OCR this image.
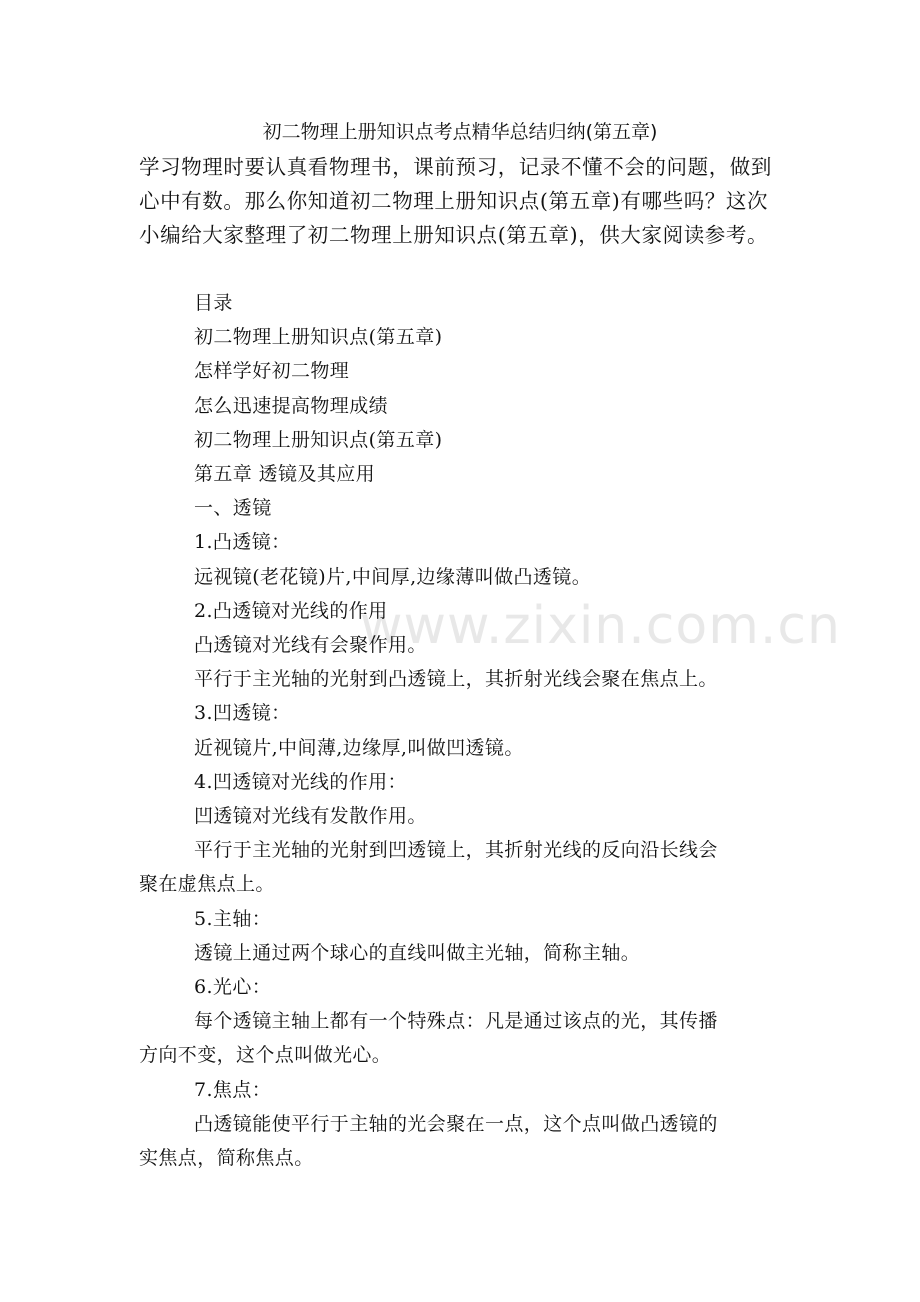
www.zixin.com.cn
初二物理上册知识点考点精华总结归纳(第五章)

学习物理时要认真看物理书，课前预习，记录不懂不会的问题，做到

心中有数。那么你知道初二物理上册知识点(第五章)有哪些吗？这次

小编给大家整理了初二物理上册知识点(第五章)，供大家阅读参考。

目录

初二物理上册知识点(第五章)

怎样学好初二物理

怎么迅速提高物理成绩

初二物理上册知识点(第五章)

第五章 透镜及其应用

一、透镜

1.凸透镜：

远视镜(老花镜)片,中间厚,边缘薄叫做凸透镜。

2.凸透镜对光线的作用

凸透镜对光线有会聚作用。

平行于主光轴的光射到凸透镜上，其折射光线会聚在焦点上。

3.凹透镜：

近视镜片,中间薄,边缘厚,叫做凹透镜。

4.凹透镜对光线的作用：

凹透镜对光线有发散作用。

平行于主光轴的光射到凹透镜上，其折射光线的反向沿长线会

聚在虚焦点上。

5.主轴：

透镜上通过两个球心的直线叫做主光轴，简称主轴。

6.光心：

每个透镜主轴上都有一个特殊点：凡是通过该点的光，其传播

方向不变，这个点叫做光心。

7.焦点：

凸透镜能使平行于主轴的光会聚在一点，这个点叫做凸透镜的

实焦点，简称焦点。
